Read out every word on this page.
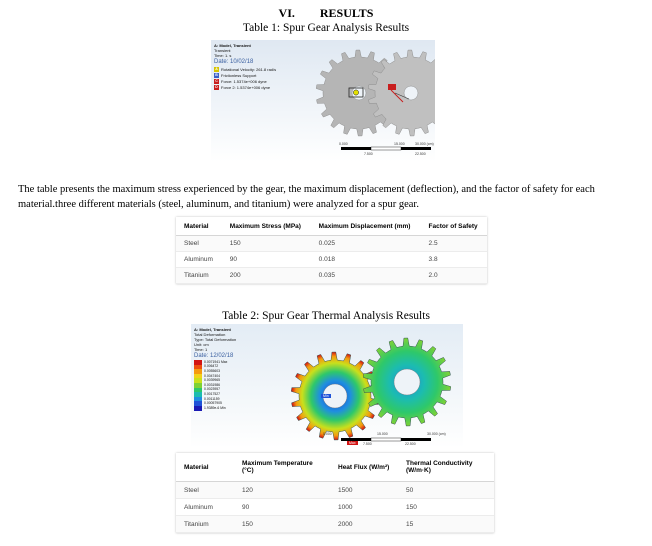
VI. RESULTS
Table 1: Spur Gear Analysis Results
A: Model, Transient
Transient
Time: 1. s
Date: 10/02/18
A Rotational Velocity: 261.8 rad/s
B Frictionless Support
C Force: 1.5374e+006 dyne
D Force 2: 1.5374e+006 dyne
0.000	15.000	30.000 (cm)
7.500	22.500
The table presents the maximum stress experienced by the gear, the maximum displacement (deflection), and the factor of safety for each material.three different materials (steel, aluminum, and titanium) were analyzed for a spur gear.
Material	Maximum Stress (MPa)	Maximum Displacement (mm)	Factor of Safety
Steel	150	0.025	2.5
Aluminum	90	0.018	3.8
Titanium	200	0.035	2.0
Table 2: Spur Gear Thermal Analysis Results
A: Model, Transient
Total Deformation
Type: Total Deformation
Unit: cm
Time: 1
Date: 12/02/18
0.0071941 Max
0.006472
0.0055603
0.0047404
0.0039965
0.0031986
0.0023957
0.0017527
0.0011159
0.00057905
1.9389e-6 Min
Min
Max
0.000	15.000	30.000 (cm)
7.500	22.500
Material	Maximum Temperature (°C)	Heat Flux (W/m²)	Thermal Conductivity (W/m·K)
Steel	120	1500	50
Aluminum	90	1000	150
Titanium	150	2000	15
